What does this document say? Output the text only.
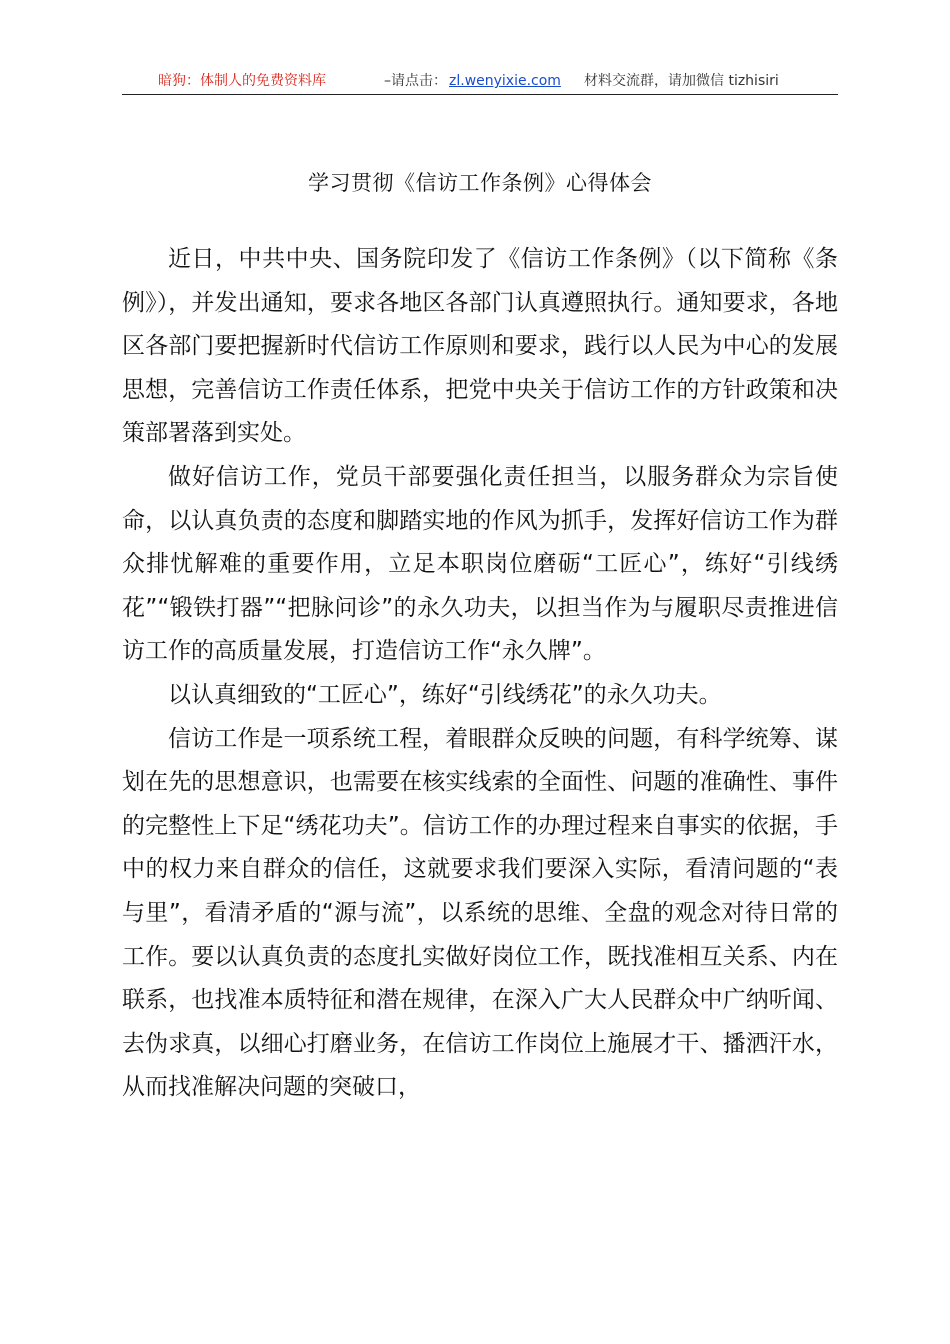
暗狗：体制人的免费资料库	–请点击： zl.wenyixie.com 材料交流群，请加微信 tizhisiri
学习贯彻《信访工作条例》心得体会

近日，中共中央、国务院印发了《信访工作条例》（以下简称《条例》），并发出通知，要求各地区各部门认真遵照执行。通知要求，各地区各部门要把握新时代信访工作原则和要求，践行以人民为中心的发展思想，完善信访工作责任体系，把党中央关于信访工作的方针政策和决策部署落到实处。

做好信访工作，党员干部要强化责任担当，以服务群众为宗旨使命，以认真负责的态度和脚踏实地的作风为抓手，发挥好信访工作为群众排忧解难的重要作用，立足本职岗位磨砺“工匠心”，练好“引线绣花”“锻铁打器”“把脉问诊”的永久功夫，以担当作为与履职尽责推进信访工作的高质量发展，打造信访工作“永久牌”。

以认真细致的“工匠心”，练好“引线绣花”的永久功夫。

信访工作是一项系统工程，着眼群众反映的问题，有科学统筹、谋划在先的思想意识，也需要在核实线索的全面性、问题的准确性、事件的完整性上下足“绣花功夫”。信访工作的办理过程来自事实的依据，手中的权力来自群众的信任，这就要求我们要深入实际，看清问题的“表与里”，看清矛盾的“源与流”，以系统的思维、全盘的观念对待日常的工作。要以认真负责的态度扎实做好岗位工作，既找准相互关系、内在联系，也找准本质特征和潜在规律，在深入广大人民群众中广纳听闻、去伪求真，以细心打磨业务，在信访工作岗位上施展才干、播洒汗水，从而找准解决问题的突破口，
